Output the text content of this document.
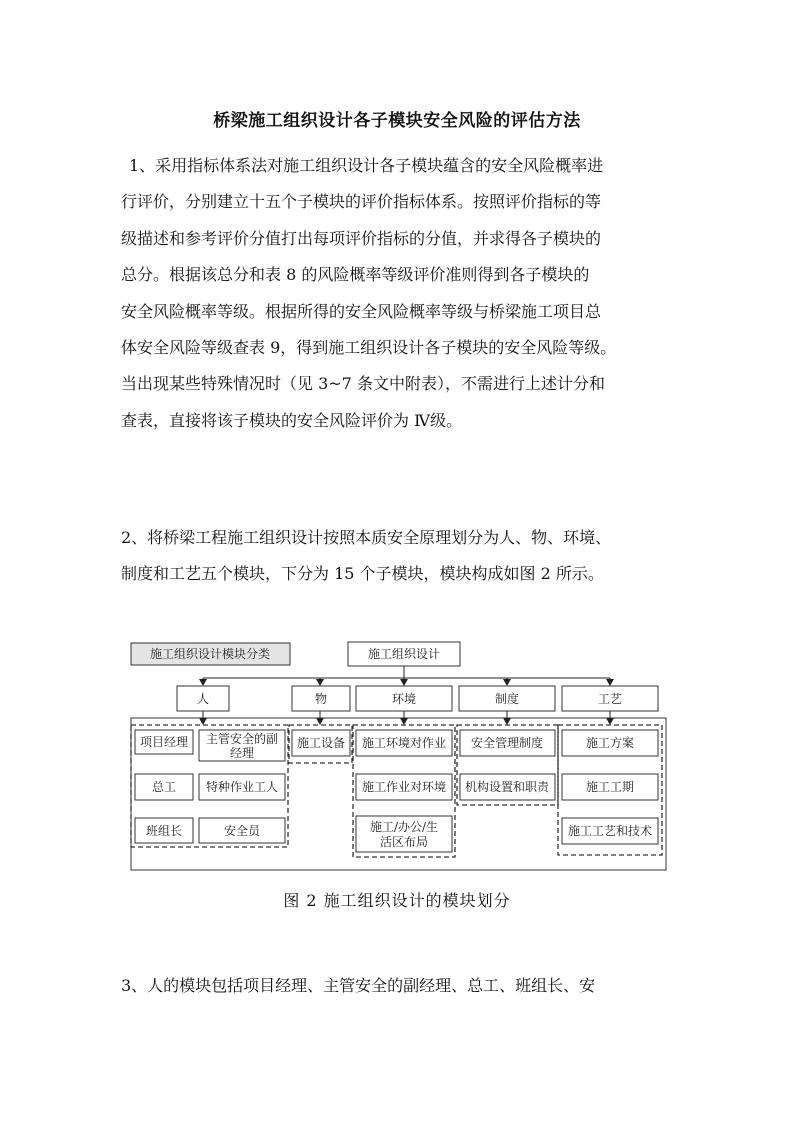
桥梁施工组织设计各子模块安全风险的评估方法
1、采用指标体系法对施工组织设计各子模块蕴含的安全风险概率进
行评价，分别建立十五个子模块的评价指标体系。按照评价指标的等
级描述和参考评价分值打出每项评价指标的分值，并求得各子模块的
总分。根据该总分和表 8 的风险概率等级评价准则得到各子模块的
安全风险概率等级。根据所得的安全风险概率等级与桥梁施工项目总
体安全风险等级查表 9，得到施工组织设计各子模块的安全风险等级。
当出现某些特殊情况时（见 3~7 条文中附表），不需进行上述计分和
查表，直接将该子模块的安全风险评价为 Ⅳ级。
2、将桥梁工程施工组织设计按照本质安全原理划分为人、物、环境、
制度和工艺五个模块，下分为 15 个子模块，模块构成如图 2 所示。
施工组织设计模块分类	施工组织设计
人	物	环境	制度	工艺
项目经理 主管安全的副
经理
总工 特种作业工人
班组长	安全员
施工设备 施工环境对作业
施工作业对环境
施工/办公/生
活区布局
安全管理制度
机构设置和职责
施工方案
施工工期
施工工艺和技术
图 2 施工组织设计的模块划分
3、人的模块包括项目经理、主管安全的副经理、总工、班组长、安
